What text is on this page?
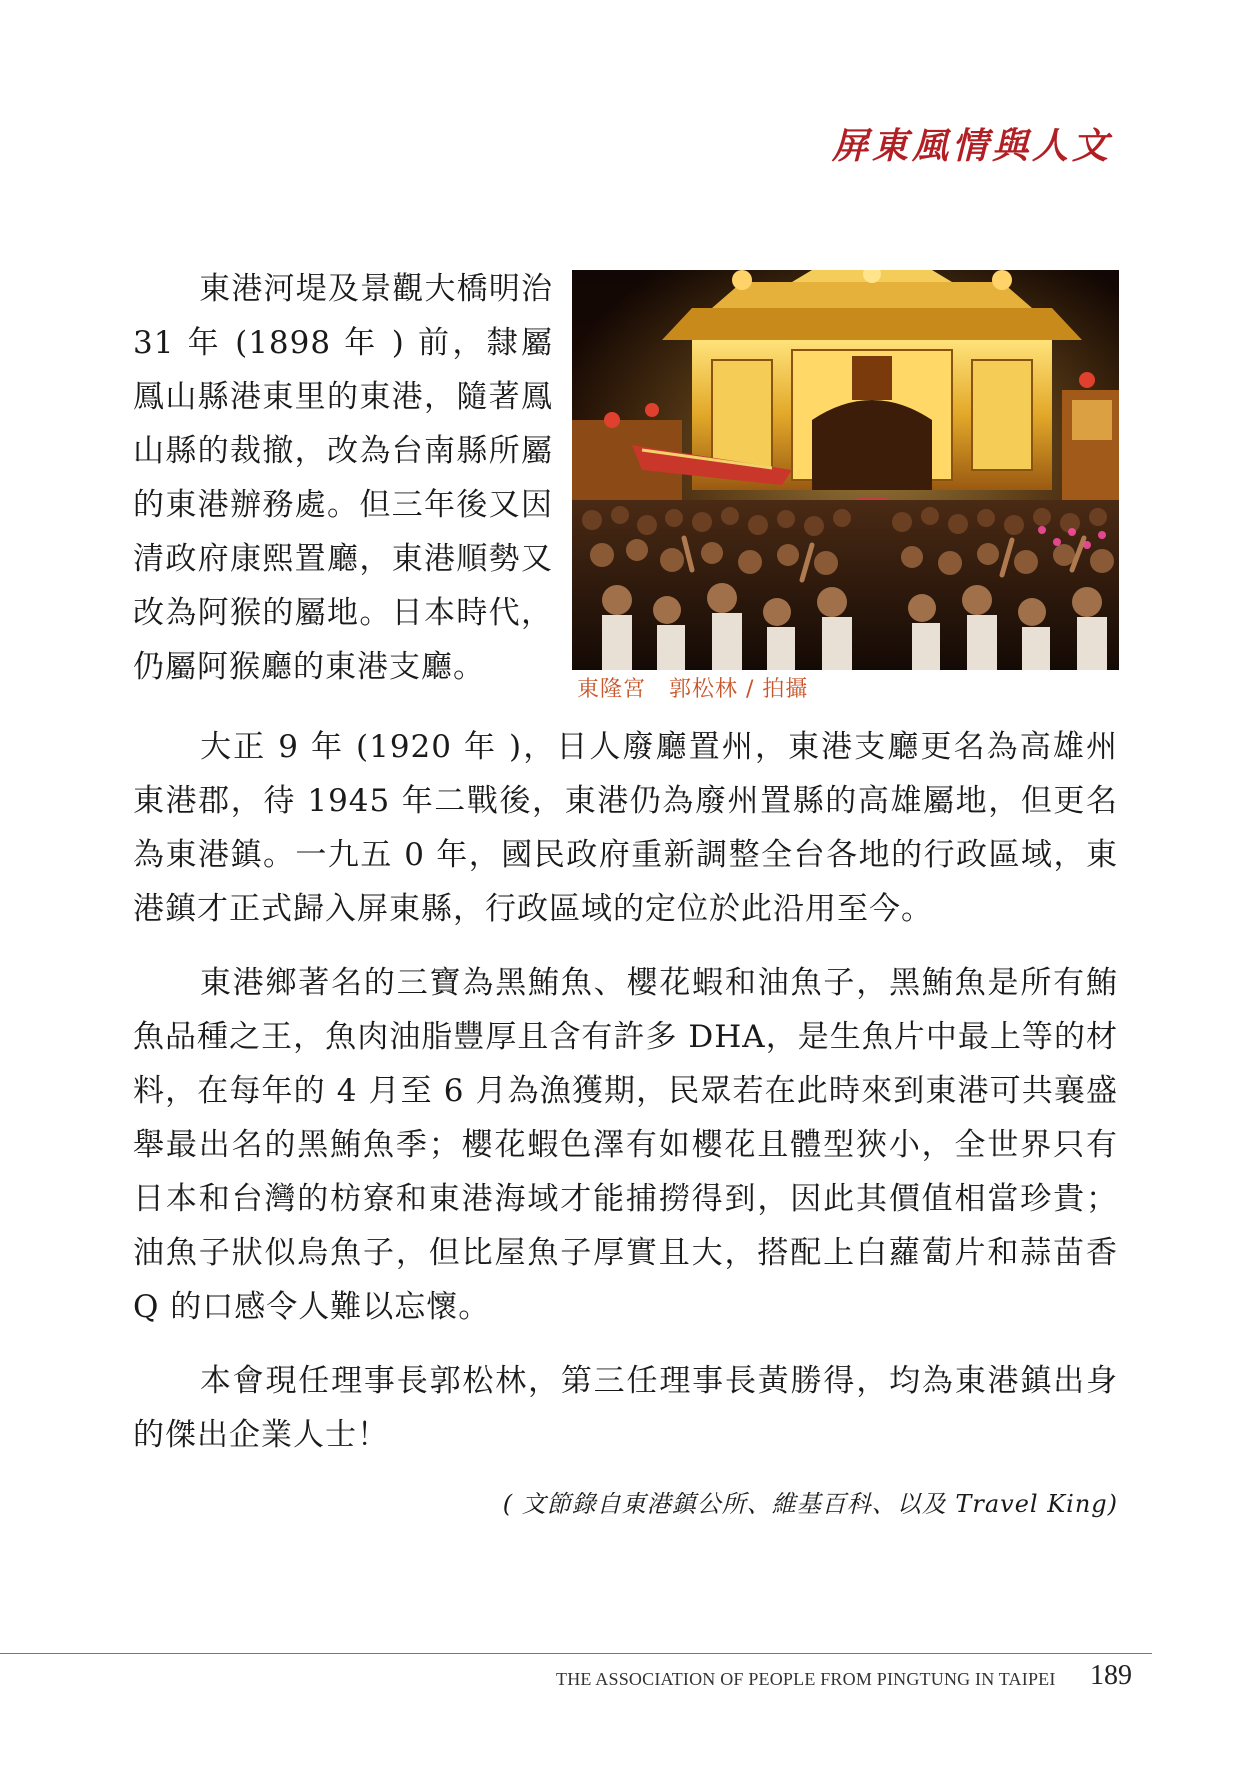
屏東風情與人文
東港河堤及景觀大橋明治 31 年 (1898 年 ) 前，隸屬鳳山縣港東里的東港，隨著鳳山縣的裁撤，改為台南縣所屬的東港辦務處。但三年後又因清政府康熙置廳，東港順勢又改為阿猴的屬地。日本時代，仍屬阿猴廳的東港支廳。
東隆宮　郭松林 / 拍攝
大正 9 年 (1920 年 )，日人廢廳置州，東港支廳更名為高雄州東港郡，待 1945 年二戰後，東港仍為廢州置縣的高雄屬地，但更名為東港鎮。一九五 0 年，國民政府重新調整全台各地的行政區域，東港鎮才正式歸入屏東縣，行政區域的定位於此沿用至今。
東港鄉著名的三寶為黑鮪魚、櫻花蝦和油魚子，黑鮪魚是所有鮪魚品種之王，魚肉油脂豐厚且含有許多 DHA，是生魚片中最上等的材料，在每年的 4 月至 6 月為漁獲期，民眾若在此時來到東港可共襄盛舉最出名的黑鮪魚季；櫻花蝦色澤有如櫻花且體型狹小，全世界只有日本和台灣的枋寮和東港海域才能捕撈得到，因此其價值相當珍貴；油魚子狀似烏魚子，但比屋魚子厚實且大，搭配上白蘿蔔片和蒜苗香 Q 的口感令人難以忘懷。
本會現任理事長郭松林，第三任理事長黃勝得，均為東港鎮出身的傑出企業人士！
( 文節錄自東港鎮公所、維基百科、以及 Travel King)
THE ASSOCIATION OF PEOPLE FROM PINGTUNG IN TAIPEI 189
